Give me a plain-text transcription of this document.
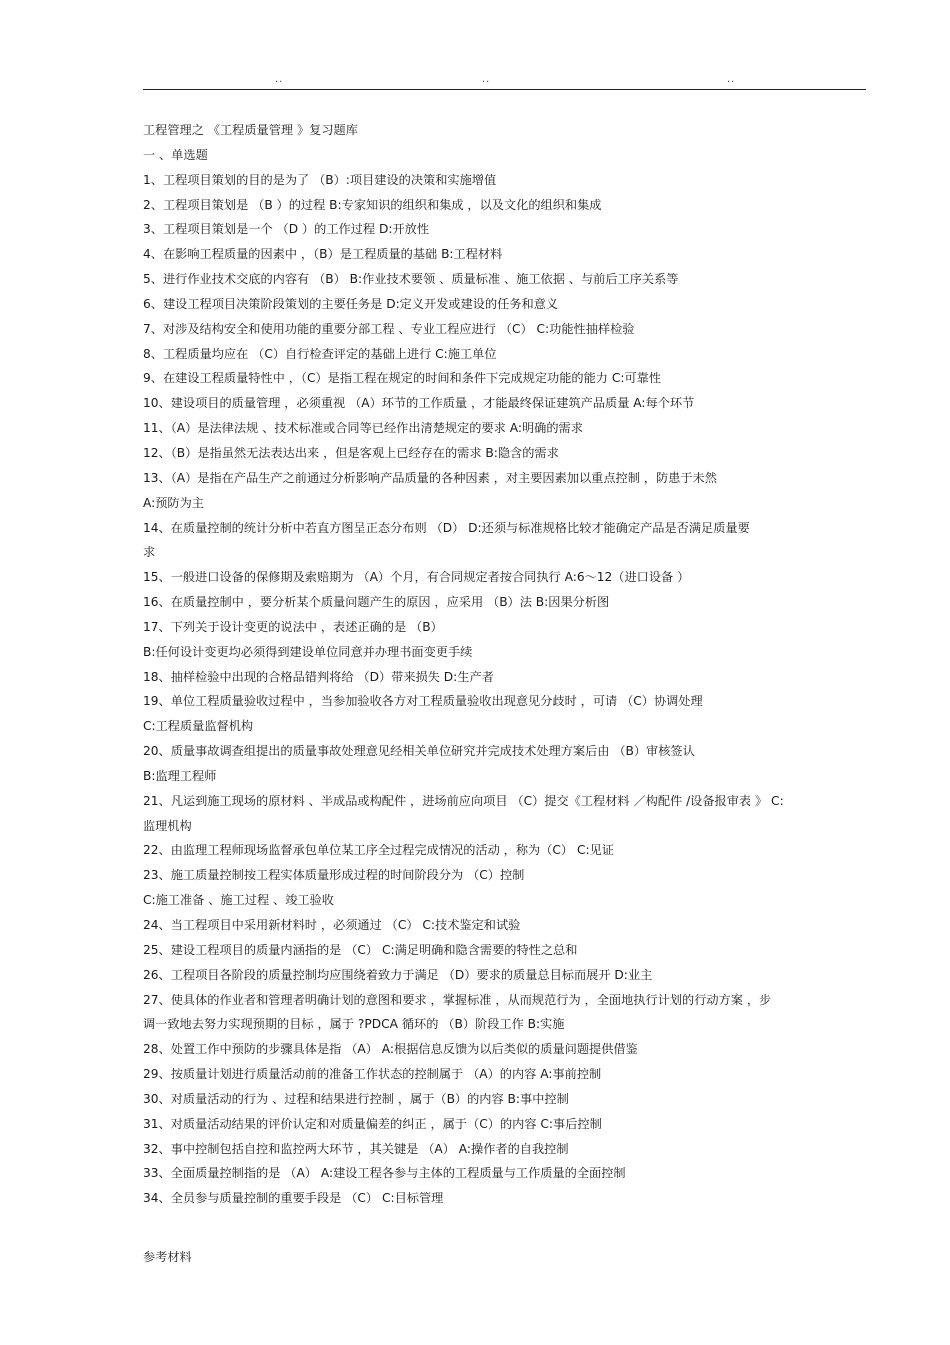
..	..	..

工程管理之 《工程质量管理 》复习题库

一 、单选题

1、工程项目策划的目的是为了 （B）:项目建设的决策和实施增值

2、工程项目策划是 （B ）的过程 B:专家知识的组织和集成 ，以及文化的组织和集成

3、工程项目策划是一个 （D ）的工作过程 D:开放性

4、在影响工程质量的因素中 ，（B）是工程质量的基础 B:工程材料

5、进行作业技术交底的内容有 （B） B:作业技术要领 、质量标准 、施工依据 、与前后工序关系等

6、建设工程项目决策阶段策划的主要任务是 D:定义开发或建设的任务和意义

7、对涉及结构安全和使用功能的重要分部工程 、专业工程应进行 （C） C:功能性抽样检验

8、工程质量均应在 （C）自行检查评定的基础上进行 C:施工单位

9、在建设工程质量特性中 ，（C）是指工程在规定的时间和条件下完成规定功能的能力 C:可靠性

10、建设项目的质量管理 ，必须重视 （A）环节的工作质量 ，才能最终保证建筑产品质量 A:每个环节

11、（A）是法律法规 、技术标准或合同等已经作出清楚规定的要求 A:明确的需求

12、（B）是指虽然无法表达出来 ，但是客观上已经存在的需求 B:隐含的需求

13、（A）是指在产品生产之前通过分析影响产品质量的各种因素 ，对主要因素加以重点控制 ，防患于未然

A:预防为主

14、在质量控制的统计分析中若直方图呈正态分布则 （D） D:还须与标准规格比较才能确定产品是否满足质量要

求

15、一般进口设备的保修期及索赔期为 （A）个月，有合同规定者按合同执行 A:6～12（进口设备 ）

16、在质量控制中 ，要分析某个质量问题产生的原因 ，应采用 （B）法 B:因果分析图

17、下列关于设计变更的说法中 ，表述正确的是 （B）

B:任何设计变更均必须得到建设单位同意并办理书面变更手续

18、抽样检验中出现的合格品错判将给 （D）带来损失 D:生产者

19、单位工程质量验收过程中 ，当参加验收各方对工程质量验收出现意见分歧时 ，可请 （C）协调处理

C:工程质量监督机构

20、质量事故调查组提出的质量事故处理意见经相关单位研究并完成技术处理方案后由 （B）审核签认

B:监理工程师

21、凡运到施工现场的原材料 、半成品或构配件 ，进场前应向项目 （C）提交《工程材料 ／构配件 /设备报审表 》 C:

监理机构

22、由监理工程师现场监督承包单位某工序全过程完成情况的活动 ，称为（C） C:见证

23、施工质量控制按工程实体质量形成过程的时间阶段分为 （C）控制

C:施工准备 、施工过程 、竣工验收

24、当工程项目中采用新材料时 ，必须通过 （C） C:技术鉴定和试验

25、建设工程项目的质量内涵指的是 （C） C:满足明确和隐含需要的特性之总和

26、工程项目各阶段的质量控制均应围绕着致力于满足 （D）要求的质量总目标而展开 D:业主

27、使具体的作业者和管理者明确计划的意图和要求 ，掌握标准 ，从而规范行为 ，全面地执行计划的行动方案 ，步

调一致地去努力实现预期的目标 ，属于 ?PDCA 循环的 （B）阶段工作 B:实施

28、处置工作中预防的步骤具体是指 （A） A:根据信息反馈为以后类似的质量问题提供借鉴

29、按质量计划进行质量活动前的准备工作状态的控制属于 （A）的内容 A:事前控制

30、对质量活动的行为 、过程和结果进行控制 ，属于（B）的内容 B:事中控制

31、对质量活动结果的评价认定和对质量偏差的纠正 ，属于（C）的内容 C:事后控制

32、事中控制包括自控和监控两大环节 ，其关键是 （A） A:操作者的自我控制

33、全面质量控制指的是 （A） A:建设工程各参与主体的工程质量与工作质量的全面控制

34、全员参与质量控制的重要手段是 （C） C:目标管理

参考材料
